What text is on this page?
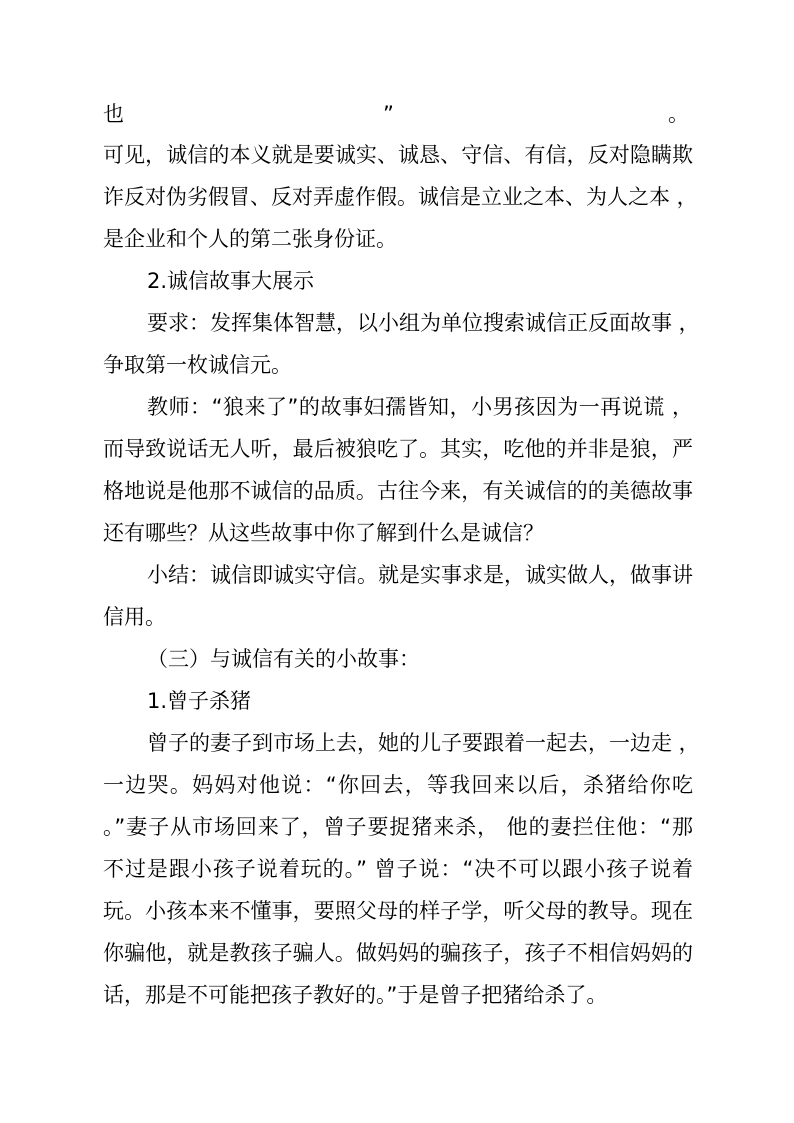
也	”	。
可见，诚信的本义就是要诚实、诚恳、守信、有信，反对隐瞒欺
诈反对伪劣假冒、反对弄虚作假。诚信是立业之本、为人之本 ，
是企业和个人的第二张身份证。
2.诚信故事大展示
要求：发挥集体智慧，以小组为单位搜索诚信正反面故事 ，
争取第一枚诚信元。
教师：“狼来了”的故事妇孺皆知，小男孩因为一再说谎 ，
而导致说话无人听，最后被狼吃了。其实，吃他的并非是狼，严
格地说是他那不诚信的品质。古往今来，有关诚信的的美德故事
还有哪些？从这些故事中你了解到什么是诚信？
小结：诚信即诚实守信。就是实事求是，诚实做人，做事讲
信用。
（三）与诚信有关的小故事：
1.曾子杀猪
曾子的妻子到市场上去，她的儿子要跟着一起去，一边走 ，
一边哭。妈妈对他说：“你回去，等我回来以后，杀猪给你吃
。”妻子从市场回来了，曾子要捉猪来杀， 他的妻拦住他：“那
不过是跟小孩子说着玩的。” 曾子说：“决不可以跟小孩子说着
玩。小孩本来不懂事，要照父母的样子学，听父母的教导。现在
你骗他，就是教孩子骗人。做妈妈的骗孩子，孩子不相信妈妈的
话，那是不可能把孩子教好的。”于是曾子把猪给杀了。
